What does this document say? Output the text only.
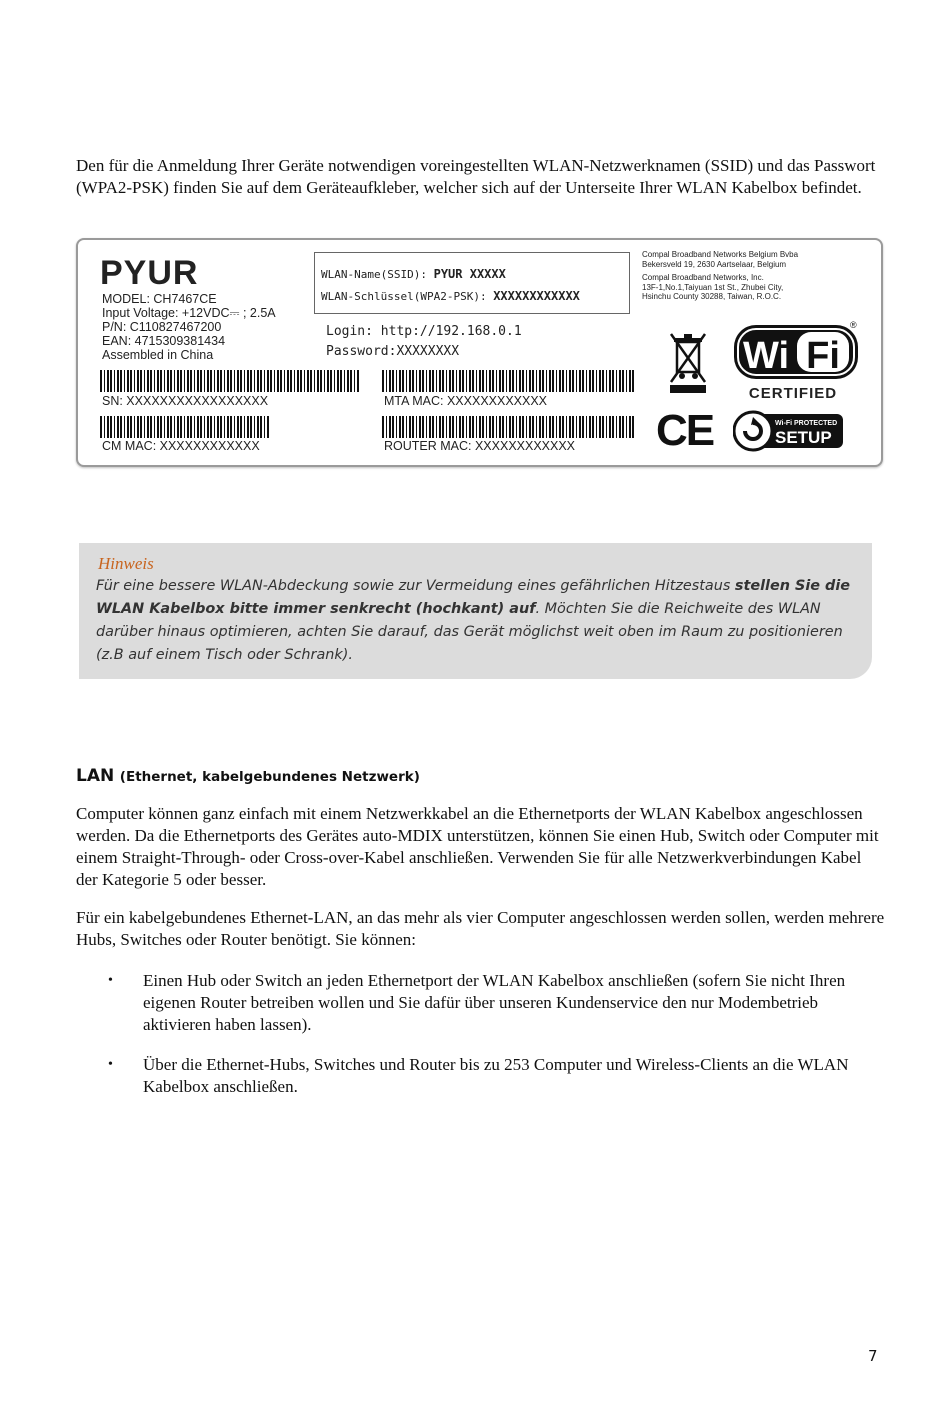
Den für die Anmeldung Ihrer Geräte notwendigen voreingestellten WLAN-Netzwerknamen (SSID) und das Passwort (WPA2-PSK) finden Sie auf dem Geräteaufkleber, welcher sich auf der Unterseite Ihrer WLAN Kabelbox befindet.
PYUR
MODEL: CH7467CE
Input Voltage: +12VDC⎓ ; 2.5A
P/N: C110827467200
EAN: 4715309381434
Assembled in China
WLAN-Name(SSID): PYUR XXXXX
WLAN-Schlüssel(WPA2-PSK): XXXXXXXXXXXX
Login: http://192.168.0.1
Password:XXXXXXXX
Compal Broadband Networks Belgium Bvba
Bekersveld 19, 2630 Aartselaar, Belgium
Compal Broadband Networks, Inc.
13F-1,No.1,Taiyuan 1st St., Zhubei City,
Hsinchu County 30288, Taiwan, R.O.C.
SN: XXXXXXXXXXXXXXXXX	MTA MAC: XXXXXXXXXXXX
CM MAC: XXXXXXXXXXXX	ROUTER MAC: XXXXXXXXXXXX
Wi Fi
®
CERTIFIED
CE	Wi-Fi PROTECTED
SETUP
Hinweis
Für eine bessere WLAN-Abdeckung sowie zur Vermeidung eines gefährlichen Hitzestaus stellen Sie die WLAN Kabelbox bitte immer senkrecht (hochkant) auf. Möchten Sie die Reichweite des WLAN darüber hinaus optimieren, achten Sie darauf, das Gerät möglichst weit oben im Raum zu positionieren (z.B auf einem Tisch oder Schrank).
LAN (Ethernet, kabelgebundenes Netzwerk)
Computer können ganz einfach mit einem Netzwerkkabel an die Ethernetports der WLAN Kabelbox angeschlossen werden. Da die Ethernetports des Gerätes auto-MDIX unterstützen, können Sie einen Hub, Switch oder Computer mit einem Straight-Through- oder Cross-over-Kabel anschließen. Verwenden Sie für alle Netzwerkverbindungen Kabel der Kategorie 5 oder besser.
Für ein kabelgebundenes Ethernet-LAN, an das mehr als vier Computer angeschlossen werden sollen, werden mehrere Hubs, Switches oder Router benötigt. Sie können:
• Einen Hub oder Switch an jeden Ethernetport der WLAN Kabelbox anschließen (sofern Sie nicht Ihren eigenen Router betreiben wollen und Sie dafür über unseren Kundenservice den nur Modembetrieb aktivieren haben lassen).
• Über die Ethernet-Hubs, Switches und Router bis zu 253 Computer und Wireless-Clients an die WLAN Kabelbox anschließen.
7
